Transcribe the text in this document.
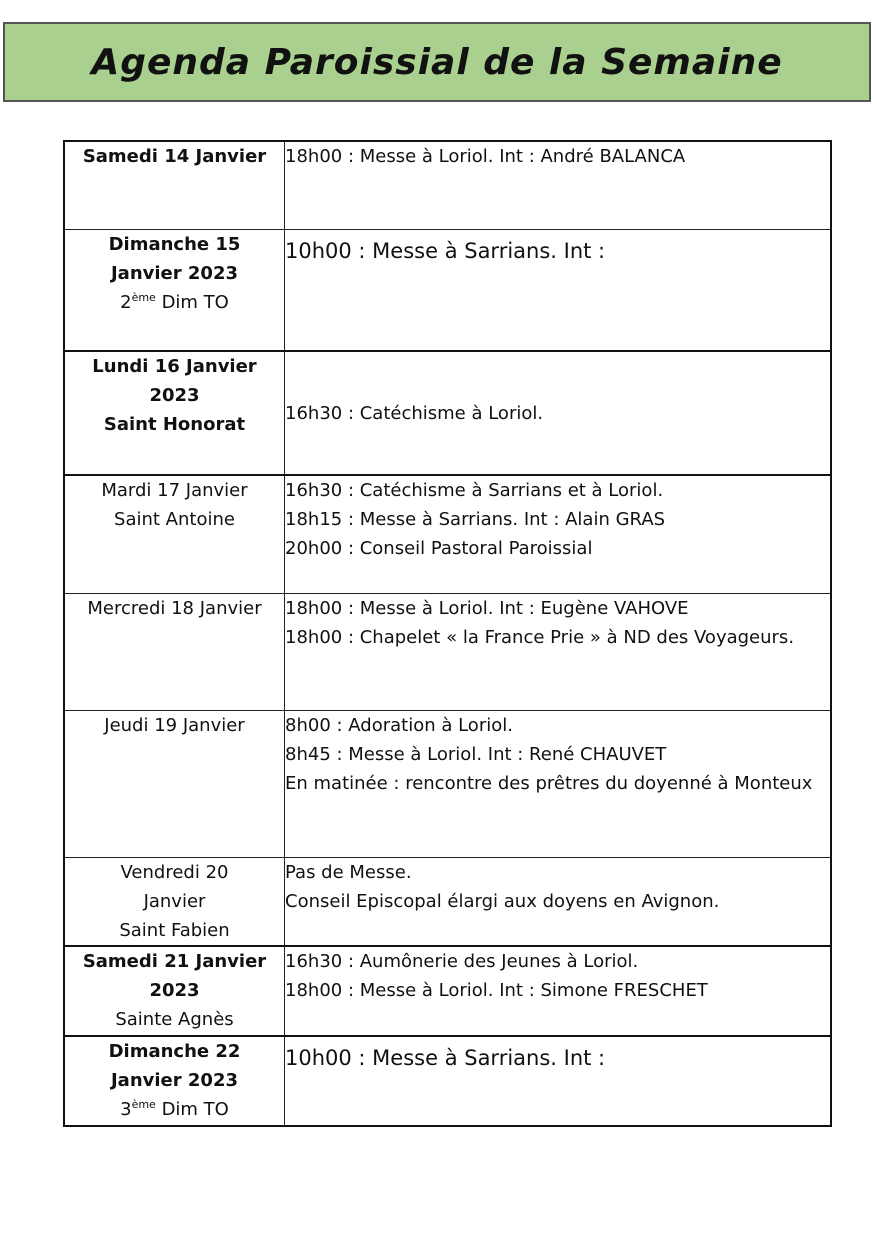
Agenda Paroissial de la Semaine
Samedi 14 Janvier	18h00 : Messe à Loriol. Int : André BALANCA

Dimanche 15
Janvier 2023
2ème Dim TO	10h00 : Messe à Sarrians. Int :

Lundi 16 Janvier
2023
Saint Honorat	16h30 : Catéchisme à Loriol.

Mardi 17 Janvier
Saint Antoine	16h30 : Catéchisme à Sarrians et à Loriol.
18h15 : Messe à Sarrians. Int : Alain GRAS
20h00 : Conseil Pastoral Paroissial

Mercredi 18 Janvier	18h00 : Messe à Loriol. Int : Eugène VAHOVE
18h00 : Chapelet « la France Prie » à ND des Voyageurs.

Jeudi 19 Janvier	8h00 : Adoration à Loriol.
8h45 : Messe à Loriol. Int : René CHAUVET
En matinée : rencontre des prêtres du doyenné à Monteux

Vendredi 20
Janvier
Saint Fabien	Pas de Messe.
Conseil Episcopal élargi aux doyens en Avignon.

Samedi 21 Janvier
2023
Sainte Agnès	16h30 : Aumônerie des Jeunes à Loriol.
18h00 : Messe à Loriol. Int : Simone FRESCHET

Dimanche 22
Janvier 2023
3ème Dim TO	10h00 : Messe à Sarrians. Int :
